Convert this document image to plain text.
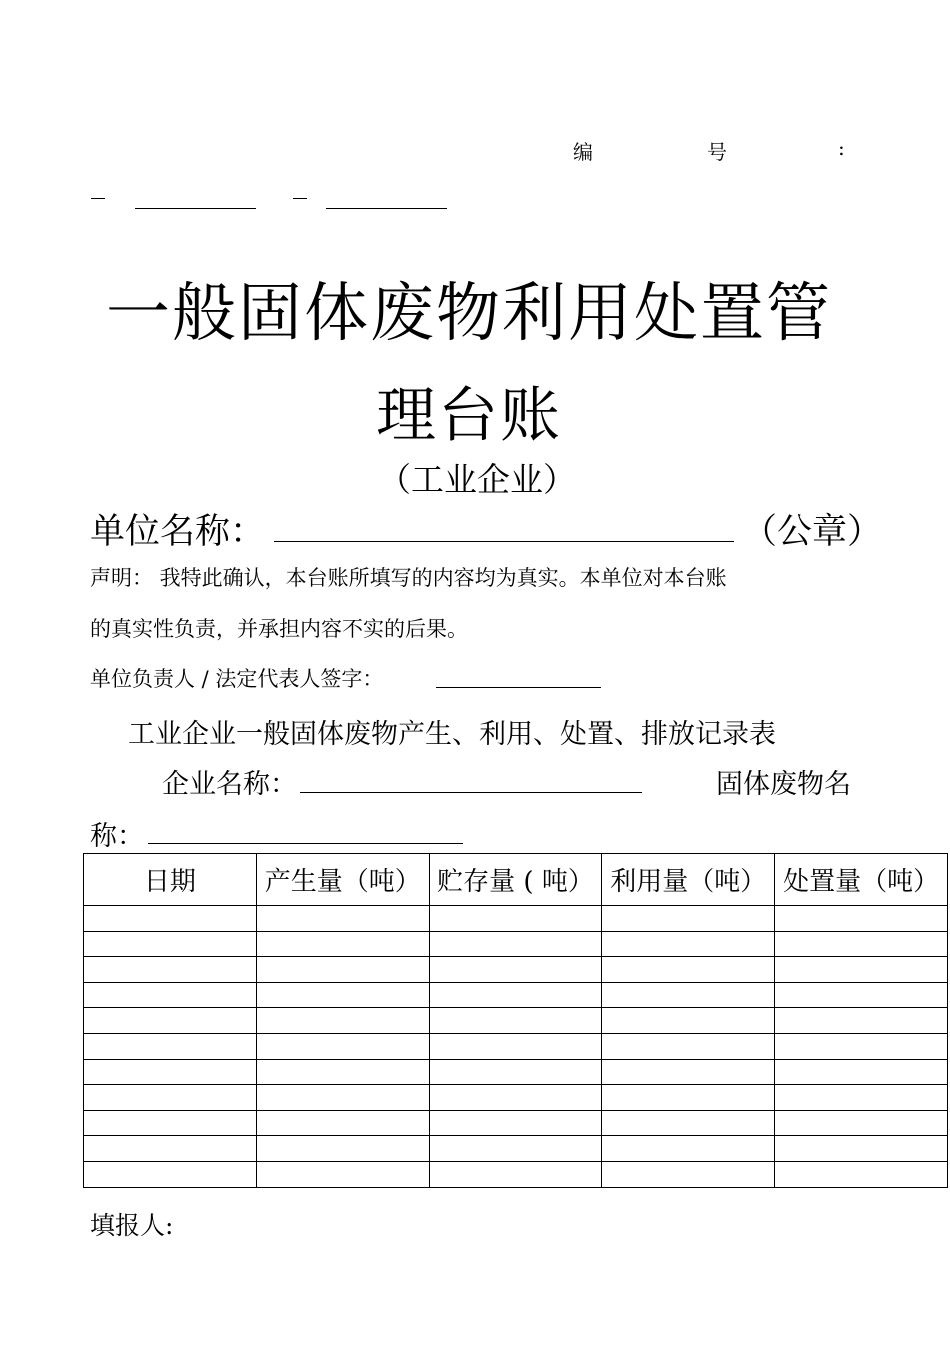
编	号	:
一般固体废物利用处置管
理台账
（工业企业）
单位名称：	（公章）
声明： 我特此确认，本台账所填写的内容均为真实。本单位对本台账
的真实性负责，并承担内容不实的后果。
单位负责人 / 法定代表人签字：
工业企业一般固体废物产生、利用、处置、排放记录表
企业名称：	固体废物名
称：
日期	产生量（吨）	贮存量 ( 吨）	利用量（吨）	处置量（吨）

填报人:
